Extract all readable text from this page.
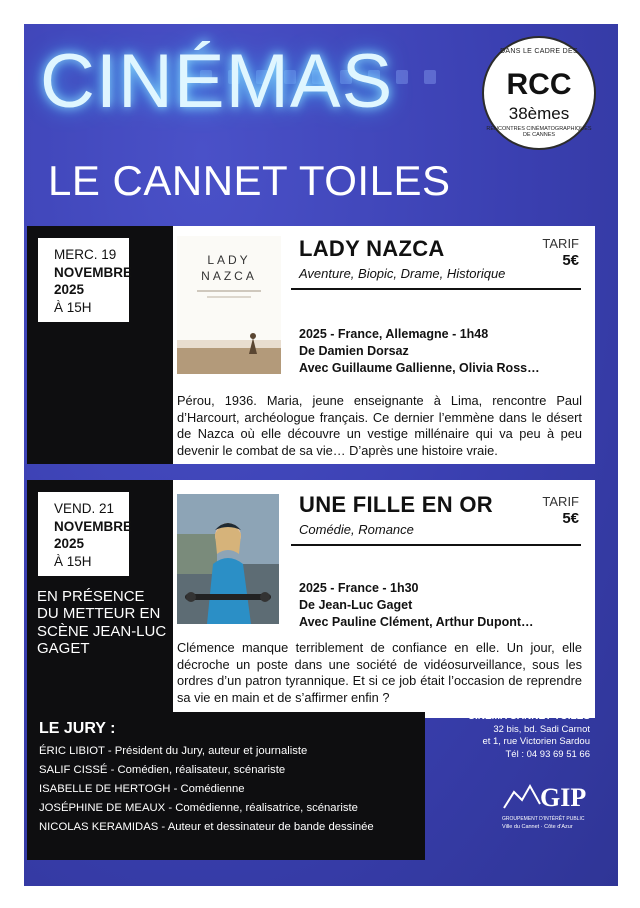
CINÉMAS
LE CANNET TOILES
DANS LE CADRE DES
RCC
38èmes
RENCONTRES CINÉMATOGRAPHIQUES DE CANNES
MERC. 19
NOVEMBRE
2025
À 15H
LADY
NAZCA
LADY NAZCA
Aventure, Biopic, Drame, Historique
TARIF
5€
2025 - France, Allemagne - 1h48
De Damien Dorsaz
Avec Guillaume Gallienne, Olivia Ross…
Pérou, 1936. Maria, jeune enseignante à Lima, rencontre Paul d’Harcourt, archéologue français. Ce dernier l’emmène dans le désert de Nazca où elle découvre un vestige millénaire qui va peu à peu devenir le combat de sa vie… D’après une histoire vraie.
VEND. 21
NOVEMBRE
2025
À 15H
EN PRÉSENCE DU METTEUR EN SCÈNE JEAN-LUC GAGET
UNE FILLE EN OR
Comédie, Romance
TARIF
5€
2025 - France - 1h30
De Jean-Luc Gaget
Avec Pauline Clément, Arthur Dupont…
Clémence manque terriblement de confiance en elle. Un jour, elle décroche un poste dans une société de vidéosurveillance, sous les ordres d’un patron tyrannique. Et si ce job était l’occasion de reprendre sa vie en main et de s’affirmer enfin ?
LE JURY :
ÉRIC LIBIOT - Président du Jury, auteur et journaliste
SALIF CISSÉ - Comédien, réalisateur, scénariste
ISABELLE DE HERTOGH - Comédienne
JOSÉPHINE DE MEAUX - Comédienne, réalisatrice, scénariste
NICOLAS KERAMIDAS - Auteur et dessinateur de bande dessinée
CINÉMA CANNET TOILES
32 bis, bd. Sadi Carnot
et 1, rue Victorien Sardou
Tél : 04 93 69 51 66
GIP
GROUPEMENT D'INTÉRÊT PUBLIC
Ville du Cannet · Côte d'Azur
